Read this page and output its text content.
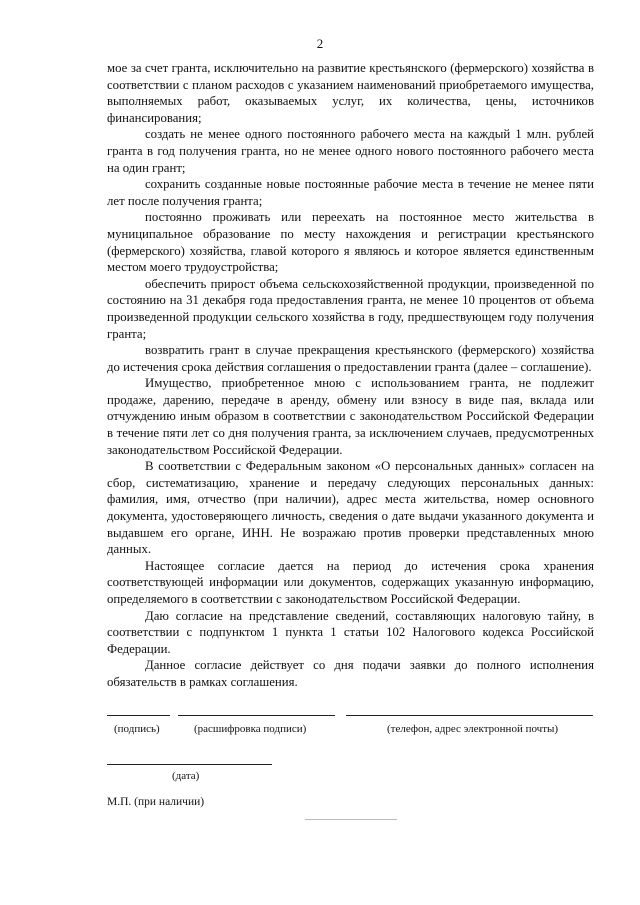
2

мое за счет гранта, исключительно на развитие крестьянского (фермерского) хозяйства в соответствии с планом расходов с указанием наименований приобретаемого имущества, выполняемых работ, оказываемых услуг, их количества, цены, источников финансирования;

создать не менее одного постоянного рабочего места на каждый 1 млн. рублей гранта в год получения гранта, но не менее одного нового постоянного рабочего места на один грант;

сохранить созданные новые постоянные рабочие места в течение не менее пяти лет после получения гранта;

постоянно проживать или переехать на постоянное место жительства в муниципальное образование по месту нахождения и регистрации крестьянского (фермерского) хозяйства, главой которого я являюсь и которое является единственным местом моего трудоустройства;

обеспечить прирост объема сельскохозяйственной продукции, произведенной по состоянию на 31 декабря года предоставления гранта, не менее 10 процентов от объема произведенной продукции сельского хозяйства в году, предшествующем году получения гранта;

возвратить грант в случае прекращения крестьянского (фермерского) хозяйства до истечения срока действия соглашения о предоставлении гранта (далее – соглашение).

Имущество, приобретенное мною с использованием гранта, не подлежит продаже, дарению, передаче в аренду, обмену или взносу в виде пая, вклада или отчуждению иным образом в соответствии с законодательством Российской Федерации в течение пяти лет со дня получения гранта, за исключением случаев, предусмотренных законодательством Российской Федерации.

В соответствии с Федеральным законом «О персональных данных» согласен на сбор, систематизацию, хранение и передачу следующих персональных данных: фамилия, имя, отчество (при наличии), адрес места жительства, номер основного документа, удостоверяющего личность, сведения о дате выдачи указанного документа и выдавшем его органе, ИНН. Не возражаю против проверки представленных мною данных.

Настоящее согласие дается на период до истечения срока хранения соответствующей информации или документов, содержащих указанную информацию, определяемого в соответствии с законодательством Российской Федерации.

Даю согласие на представление сведений, составляющих налоговую тайну, в соответствии с подпунктом 1 пункта 1 статьи 102 Налогового кодекса Российской Федерации.

Данное согласие действует со дня подачи заявки до полного исполнения обязательств в рамках соглашения.

(подпись)	(расшифровка подписи)	(телефон, адрес электронной почты)
(дата)
М.П. (при наличии)
